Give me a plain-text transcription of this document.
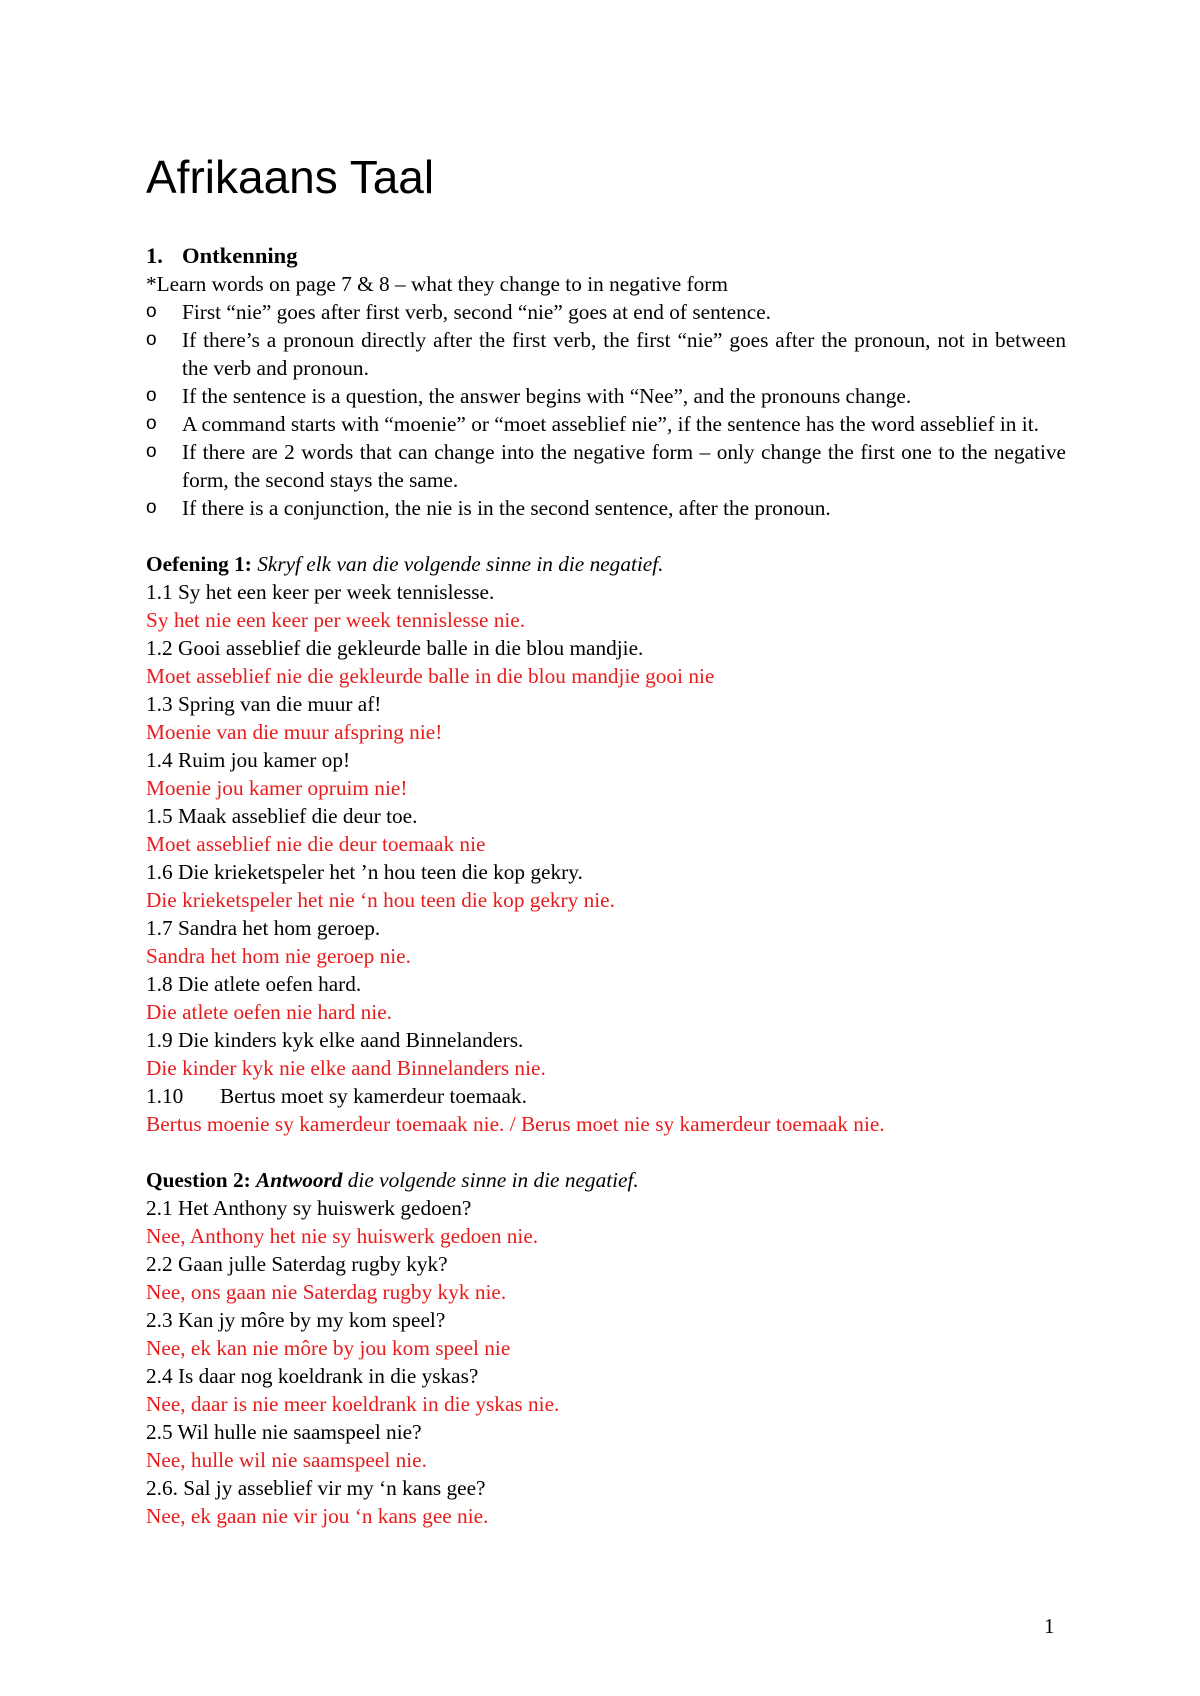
Afrikaans Taal
1. Ontkenning
*Learn words on page 7 & 8 – what they change to in negative form
o First “nie” goes after first verb, second “nie” goes at end of sentence.
o If there’s a pronoun directly after the first verb, the first “nie” goes after the pronoun, not in between the verb and pronoun.
o If the sentence is a question, the answer begins with “Nee”, and the pronouns change.
o A command starts with “moenie” or “moet asseblief nie”, if the sentence has the word asseblief in it.
o If there are 2 words that can change into the negative form – only change the first one to the negative form, the second stays the same.
o If there is a conjunction, the nie is in the second sentence, after the pronoun.
Oefening 1: Skryf elk van die volgende sinne in die negatief.
1.1 Sy het een keer per week tennislesse.
Sy het nie een keer per week tennislesse nie.
1.2 Gooi asseblief die gekleurde balle in die blou mandjie.
Moet asseblief nie die gekleurde balle in die blou mandjie gooi nie
1.3 Spring van die muur af!
Moenie van die muur afspring nie!
1.4 Ruim jou kamer op!
Moenie jou kamer opruim nie!
1.5 Maak asseblief die deur toe.
Moet asseblief nie die deur toemaak nie
1.6 Die krieketspeler het ’n hou teen die kop gekry.
Die krieketspeler het nie ‘n hou teen die kop gekry nie.
1.7 Sandra het hom geroep.
Sandra het hom nie geroep nie.
1.8 Die atlete oefen hard.
Die atlete oefen nie hard nie.
1.9 Die kinders kyk elke aand Binnelanders.
Die kinder kyk nie elke aand Binnelanders nie.
1.10 Bertus moet sy kamerdeur toemaak.
Bertus moenie sy kamerdeur toemaak nie. / Berus moet nie sy kamerdeur toemaak nie.
Question 2: Antwoord die volgende sinne in die negatief.
2.1 Het Anthony sy huiswerk gedoen?
Nee, Anthony het nie sy huiswerk gedoen nie.
2.2 Gaan julle Saterdag rugby kyk?
Nee, ons gaan nie Saterdag rugby kyk nie.
2.3 Kan jy môre by my kom speel?
Nee, ek kan nie môre by jou kom speel nie
2.4 Is daar nog koeldrank in die yskas?
Nee, daar is nie meer koeldrank in die yskas nie.
2.5 Wil hulle nie saamspeel nie?
Nee, hulle wil nie saamspeel nie.
2.6. Sal jy asseblief vir my ‘n kans gee?
Nee, ek gaan nie vir jou ‘n kans gee nie.
1
